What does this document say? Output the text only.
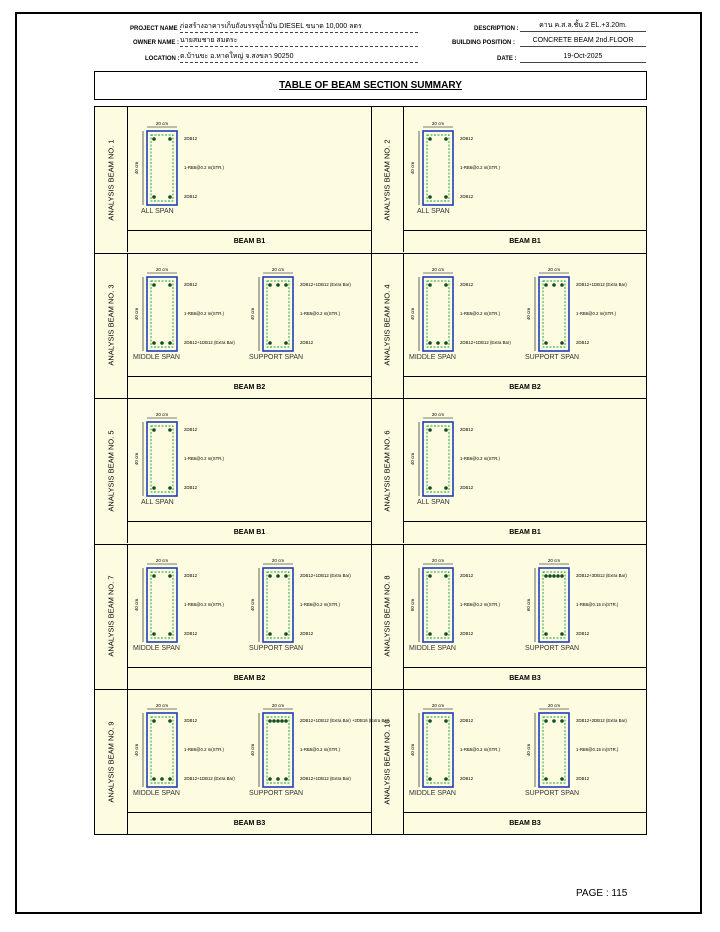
PROJECT NAME :
ก่อสร้างอาคารเก็บถังบรรจุน้ำมัน DIESEL ขนาด 10,000 ลตร
OWNER NAME : นายสมชาย สมตระ
LOCATION : ต.บ้านขะ อ.หาดใหญ่ จ.สงขลา 90250
DESCRIPTION :	คาน ค.ส.ล.ชั้น 2 EL.+3.20m.
BUILDING POSITION :	CONCRETE BEAM 2nd.FLOOR
DATE :	19-Oct-2025
TABLE OF BEAM SECTION SUMMARY
ANALYSIS BEAM NO. 1
BEAM B1
20 cm
40 cm
2DB12
1-RB6@0.2 m(STR.)
2DB12
ALL SPAN	ANALYSIS BEAM NO. 2
BEAM B1
20 cm
40 cm
2DB12
1-RB6@0.2 m(STR.)
2DB12
ALL SPAN
ANALYSIS BEAM NO. 3
BEAM B2
20 cm
40 cm
2DB12
1-RB6@0.2 m(STR.)
2DB12+1DB12 (Extra Bar)
MIDDLE SPAN
20 cm
40 cm
2DB12+1DB12 (Extra Bar)
1-RB6@0.2 m(STR.)
2DB12
SUPPORT SPAN	ANALYSIS BEAM NO. 4
BEAM B2
20 cm
40 cm
2DB12
1-RB6@0.2 m(STR.)
2DB12+1DB12 (Extra Bar)
MIDDLE SPAN
20 cm
40 cm
2DB12+1DB12 (Extra Bar)
1-RB6@0.2 m(STR.)
2DB12
SUPPORT SPAN
ANALYSIS BEAM NO. 5
BEAM B1
20 cm
40 cm
2DB12
1-RB6@0.2 m(STR.)
2DB12
ALL SPAN	ANALYSIS BEAM NO. 6
BEAM B1
20 cm
40 cm
2DB12
1-RB6@0.2 m(STR.)
2DB12
ALL SPAN
ANALYSIS BEAM NO. 7
BEAM B2
20 cm
40 cm
2DB12
1-RB6@0.2 m(STR.)
2DB12
MIDDLE SPAN
20 cm
40 cm
2DB12+1DB12 (Extra Bar)
1-RB6@0.2 m(STR.)
2DB12
SUPPORT SPAN	ANALYSIS BEAM NO. 8
BEAM B3
20 cm
60 cm
2DB12
1-RB6@0.2 m(STR.)
2DB12
MIDDLE SPAN
20 cm
60 cm
2DB12+3DB12 (Extra Bar)
1-RB6@0.15 m(STR.)
2DB12
SUPPORT SPAN
ANALYSIS BEAM NO. 9
BEAM B3
20 cm
40 cm
2DB12
1-RB6@0.2 m(STR.)
2DB12+1DB12 (Extra Bar)
MIDDLE SPAN
20 cm
40 cm
2DB12+1DB12 (Extra Bar) +2DB16 (Extra Bar)
1-RB6@0.2 m(STR.)
2DB12+1DB12 (Extra Bar)
SUPPORT SPAN	ANALYSIS BEAM NO. 10
BEAM B3
20 cm
40 cm
2DB12
1-RB6@0.2 m(STR.)
2DB12
MIDDLE SPAN
20 cm
40 cm
2DB12+2DB12 (Extra Bar)
1-RB6@0.15 m(STR.)
2DB12
SUPPORT SPAN
PAGE : 115
